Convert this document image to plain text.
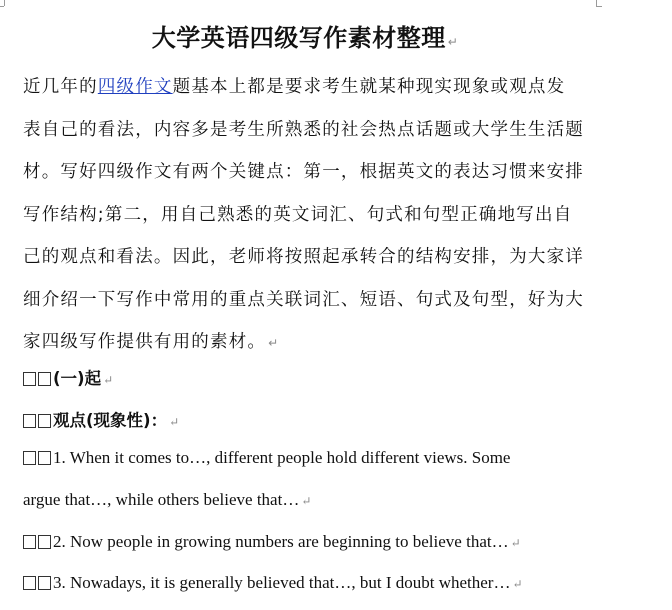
大学英语四级写作素材整理 ↵
近几年的四级作文题基本上都是要求考生就某种现实现象或观点发
表自己的看法，内容多是考生所熟悉的社会热点话题或大学生生活题
材。写好四级作文有两个关键点：第一，根据英文的表达习惯来安排
写作结构;第二，用自己熟悉的英文词汇、句式和句型正确地写出自
己的观点和看法。因此，老师将按照起承转合的结构安排，为大家详
细介绍一下写作中常用的重点关联词汇、短语、句式及句型，好为大
家四级写作提供有用的素材。 ↵
(一)起 ↵
观点(现象性)： ↵
1. When it comes to…, different people hold different views. Some
argue that…, while others believe that… ↵
2. Now people in growing numbers are beginning to believe that… ↵
3. Nowadays, it is generally believed that…, but I doubt whether… ↵
